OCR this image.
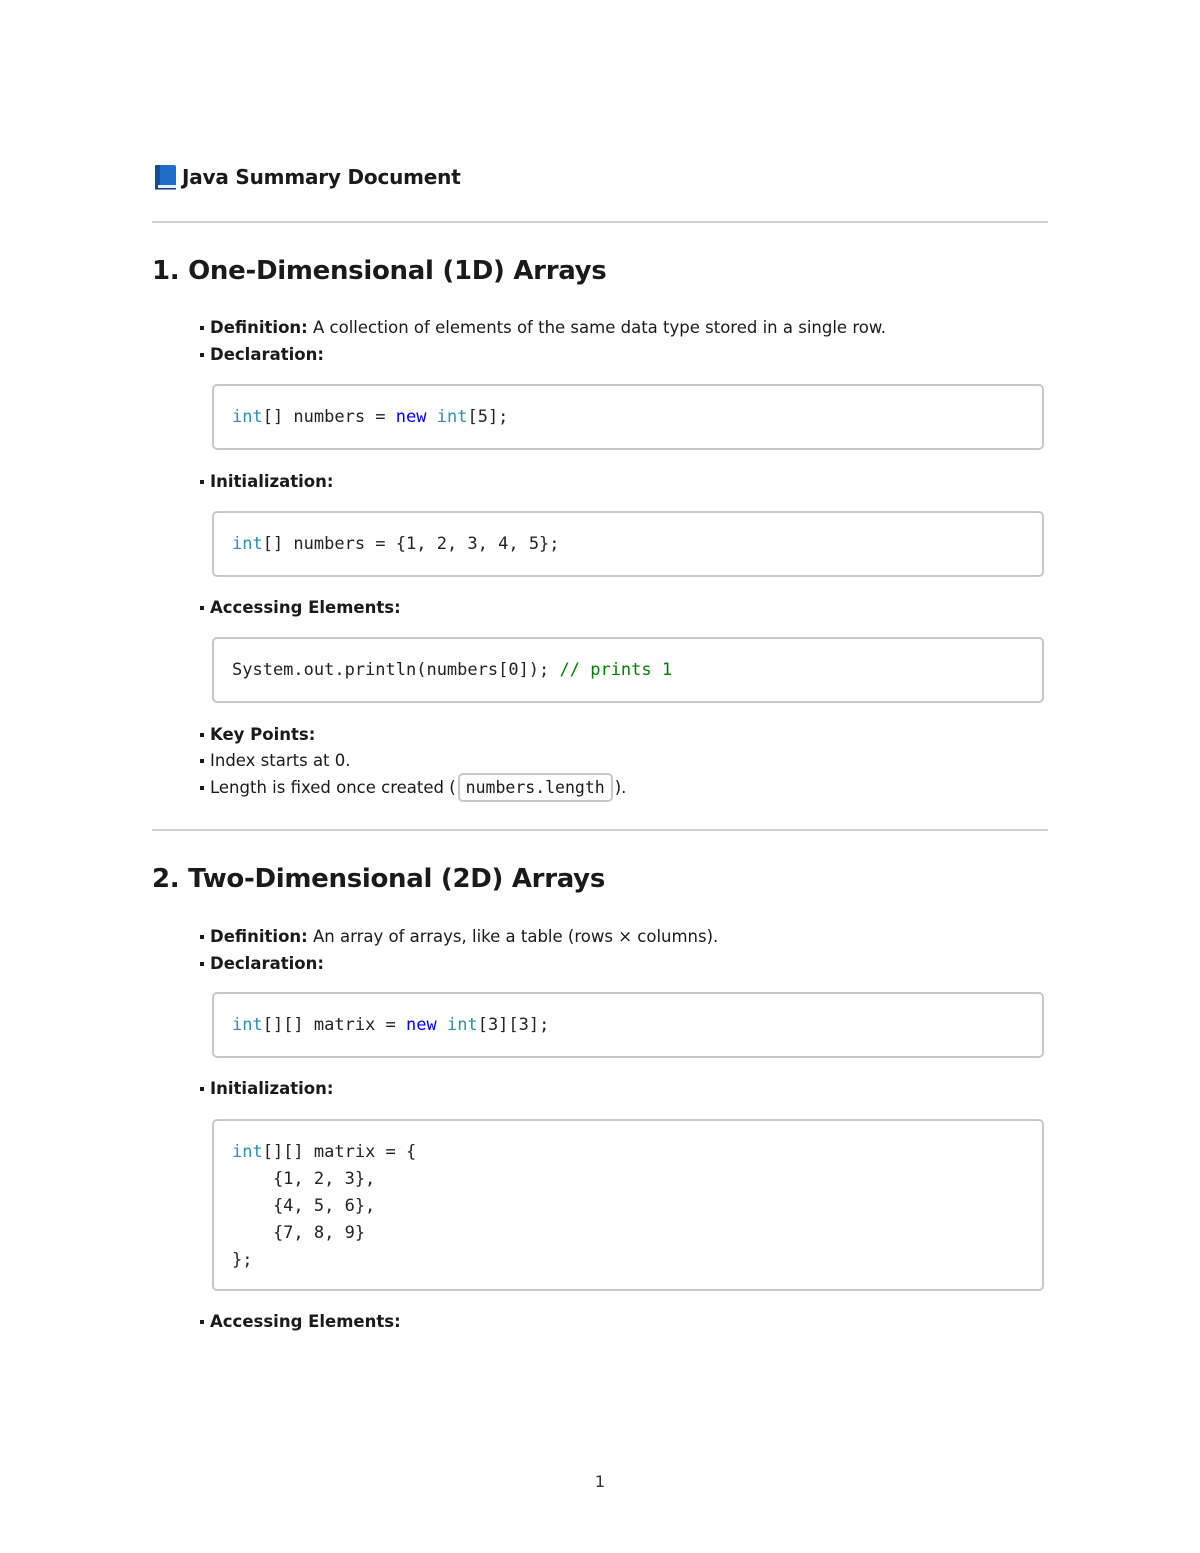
Java Summary Document
1. One-Dimensional (1D) Arrays
Definition: A collection of elements of the same data type stored in a single row.
Declaration:
int[] numbers = new int[5];
Initialization:
int[] numbers = {1, 2, 3, 4, 5};
Accessing Elements:
System.out.println(numbers[0]); // prints 1
Key Points:
Index starts at 0.
Length is fixed once created ( numbers.length ).
2. Two-Dimensional (2D) Arrays
Definition: An array of arrays, like a table (rows × columns).
Declaration:
int[][] matrix = new int[3][3];
Initialization:
int[][] matrix = {
{1, 2, 3},
{4, 5, 6},
{7, 8, 9}
};
Accessing Elements:
1
